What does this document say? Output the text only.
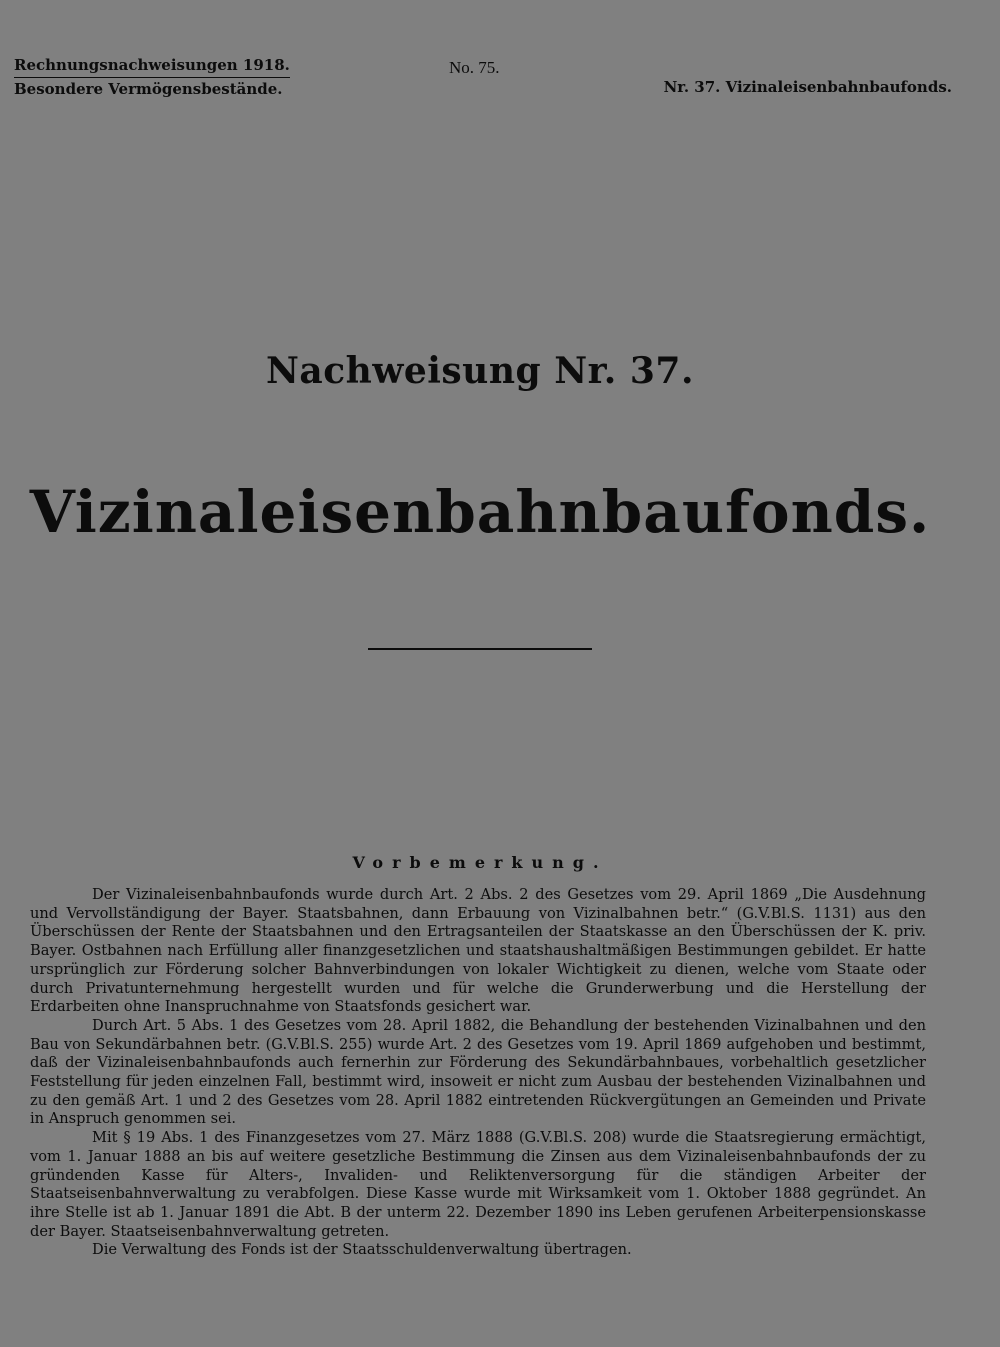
Rechnungsnachweisungen 1918.
Besondere Vermögensbestände.
No. 75.
Nr. 37. Vizinaleisenbahnbaufonds.
Nachweisung Nr. 37.
Vizinaleisenbahnbaufonds.
Vorbemerkung.

Der Vizinaleisenbahnbaufonds wurde durch Art. 2 Abs. 2 des Gesetzes vom 29. April 1869 „Die Ausdehnung und Vervollständigung der Bayer. Staatsbahnen, dann Erbauung von Vizinalbahnen betr.“ (G.V.Bl.S. 1131) aus den Überschüssen der Rente der Staatsbahnen und den Ertragsanteilen der Staatskasse an den Überschüssen der K. priv. Bayer. Ostbahnen nach Erfüllung aller finanzgesetzlichen und staatshaushaltmäßigen Bestimmungen gebildet. Er hatte ursprünglich zur Förderung solcher Bahnverbindungen von lokaler Wichtigkeit zu dienen, welche vom Staate oder durch Privatunternehmung hergestellt wurden und für welche die Grunderwerbung und die Herstellung der Erdarbeiten ohne Inanspruchnahme von Staatsfonds gesichert war.

Durch Art. 5 Abs. 1 des Gesetzes vom 28. April 1882, die Behandlung der bestehenden Vizinalbahnen und den Bau von Sekundärbahnen betr. (G.V.Bl.S. 255) wurde Art. 2 des Gesetzes vom 19. April 1869 aufgehoben und bestimmt, daß der Vizinaleisenbahnbaufonds auch fernerhin zur Förderung des Sekundärbahnbaues, vorbehaltlich gesetzlicher Feststellung für jeden einzelnen Fall, bestimmt wird, insoweit er nicht zum Ausbau der bestehenden Vizinalbahnen und zu den gemäß Art. 1 und 2 des Gesetzes vom 28. April 1882 eintretenden Rückvergütungen an Gemeinden und Private in Anspruch genommen sei.

Mit § 19 Abs. 1 des Finanzgesetzes vom 27. März 1888 (G.V.Bl.S. 208) wurde die Staatsregierung ermächtigt, vom 1. Januar 1888 an bis auf weitere gesetzliche Bestimmung die Zinsen aus dem Vizinaleisenbahnbaufonds der zu gründenden Kasse für Alters-, Invaliden- und Reliktenversorgung für die ständigen Arbeiter der Staatseisenbahnverwaltung zu verabfolgen. Diese Kasse wurde mit Wirksamkeit vom 1. Oktober 1888 gegründet. An ihre Stelle ist ab 1. Januar 1891 die Abt. B der unterm 22. Dezember 1890 ins Leben gerufenen Arbeiterpensionskasse der Bayer. Staatseisenbahnverwaltung getreten.

Die Verwaltung des Fonds ist der Staatsschuldenverwaltung übertragen.
